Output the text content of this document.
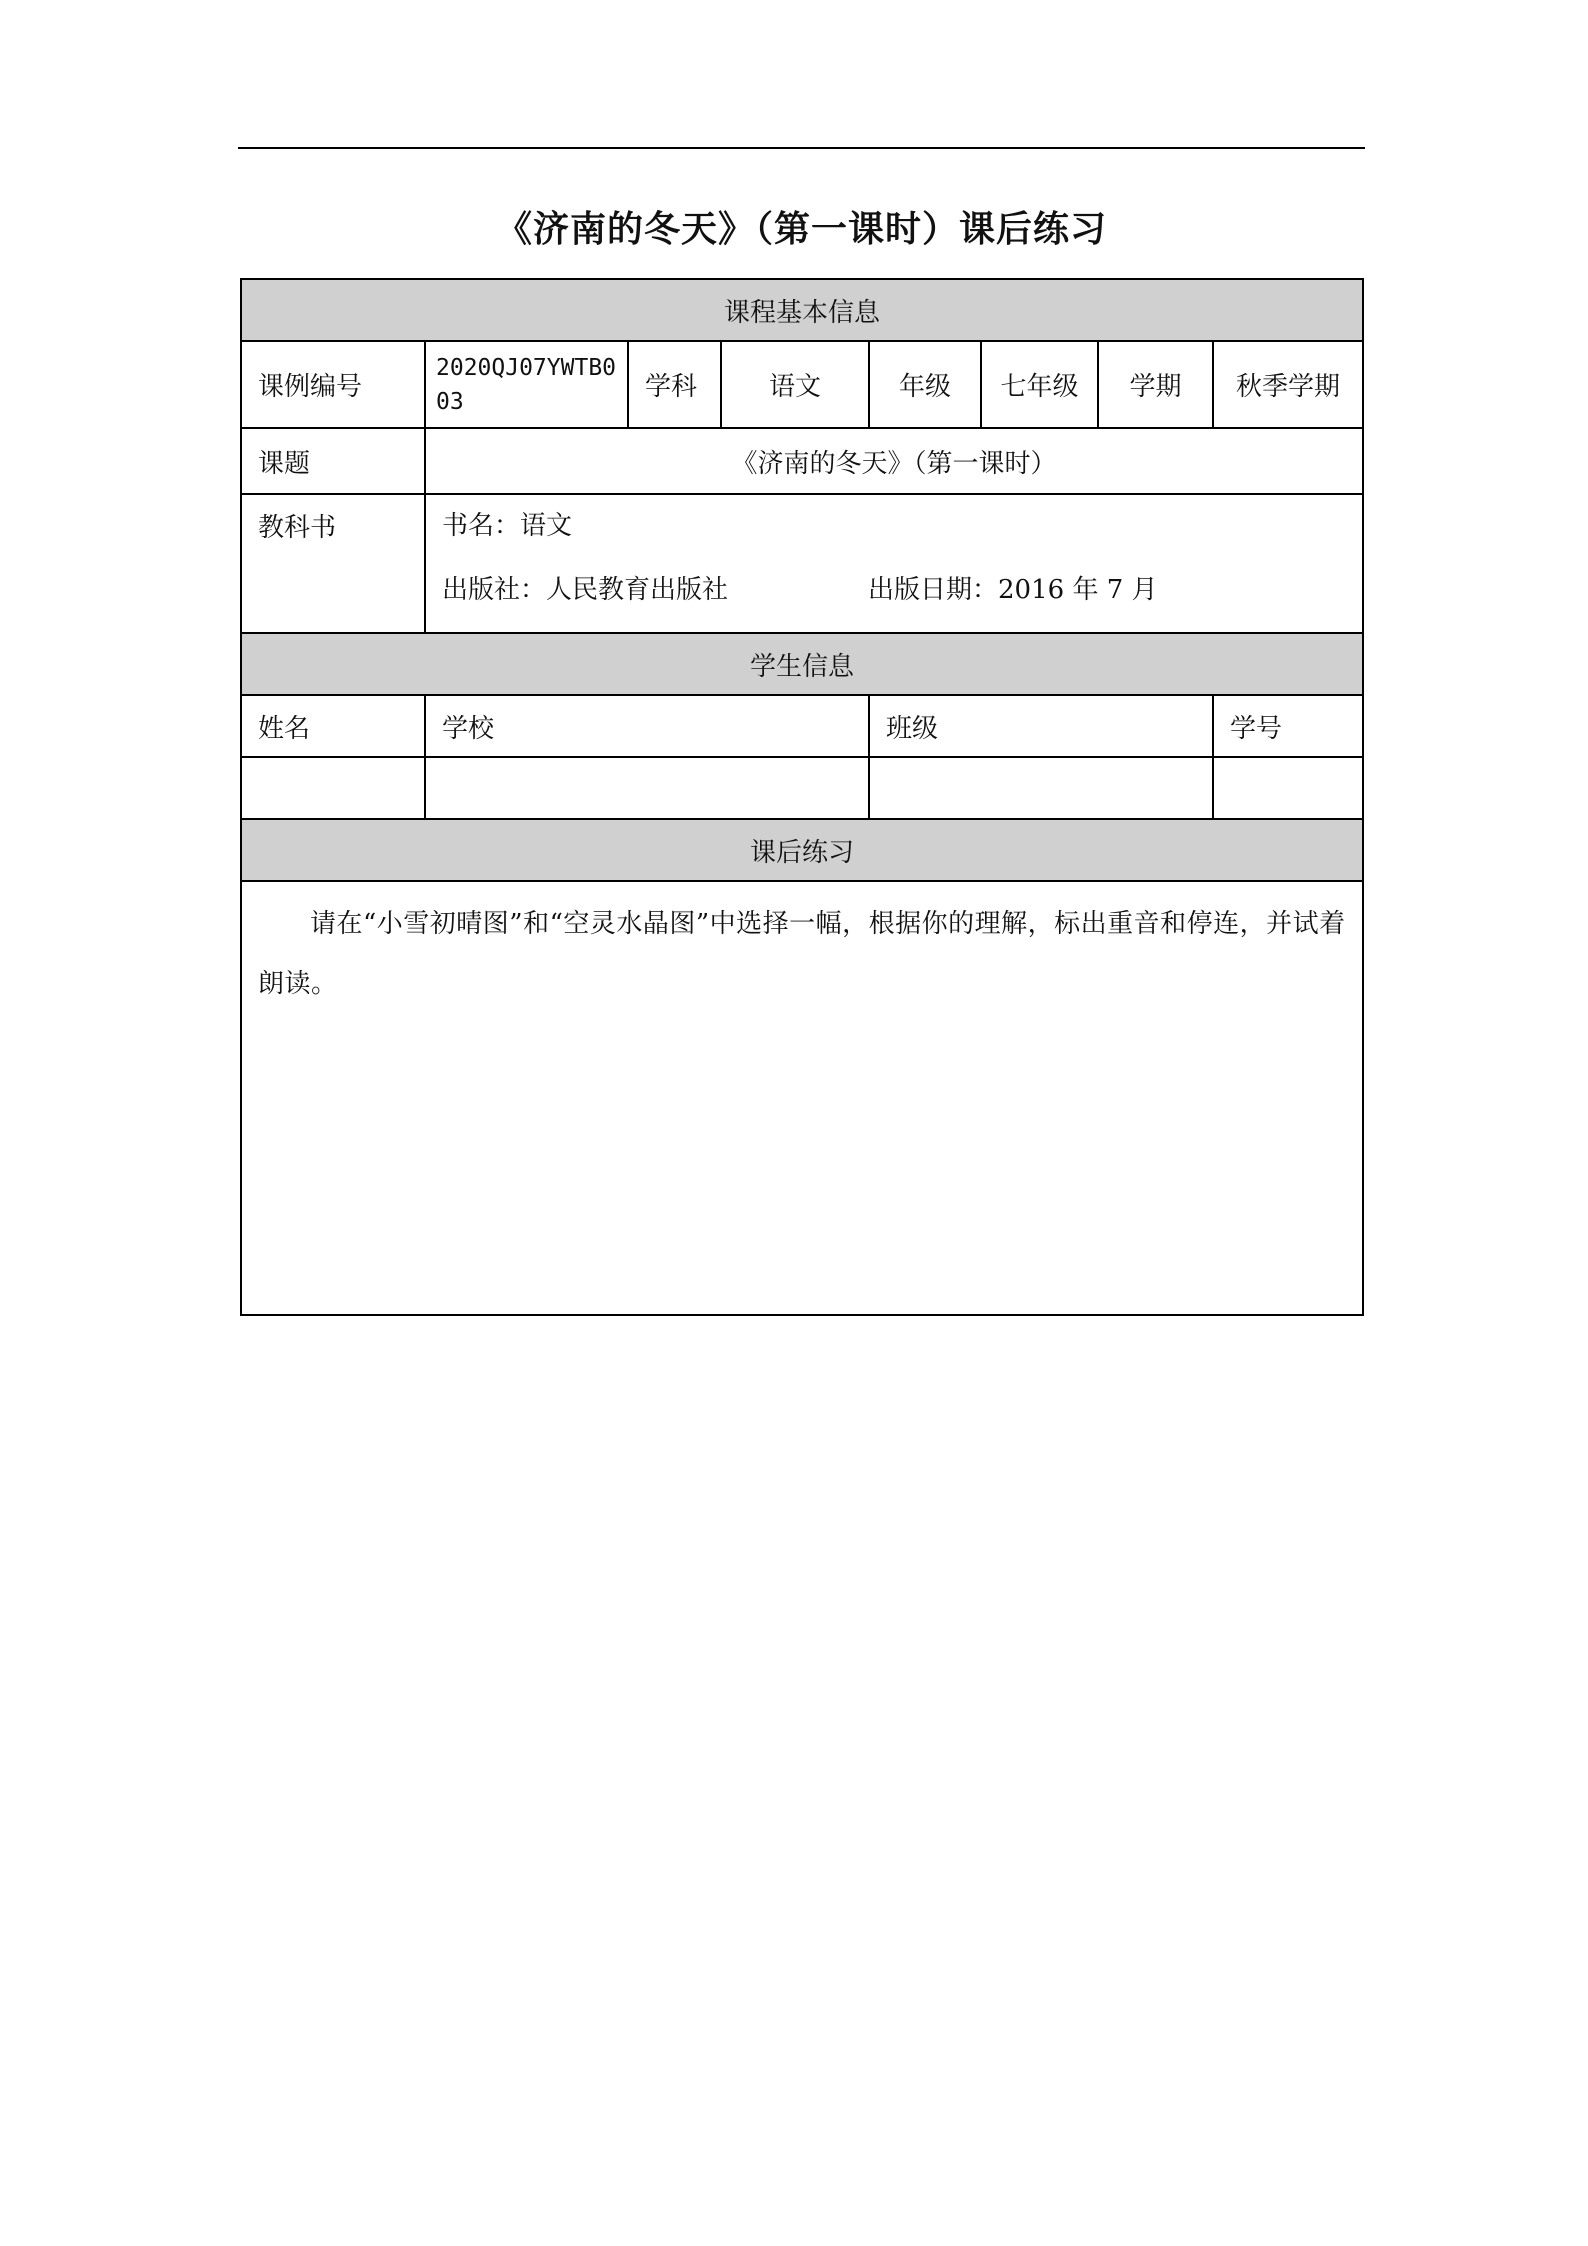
《济南的冬天》（第一课时）课后练习
课程基本信息							
课例编号	2020QJ07YWTB003	学科	语文	年级	七年级	学期	秋季学期
课题	《济南的冬天》（第一课时）						
教科书	书名：语文
出版社：人民教育出版社 出版日期：2016 年 7 月						

学生信息							
姓名	学校			班级			学号

课后练习							

请在“小雪初晴图”和“空灵水晶图”中选择一幅，根据你的理解，标出重音和停连，并试着朗读。							
